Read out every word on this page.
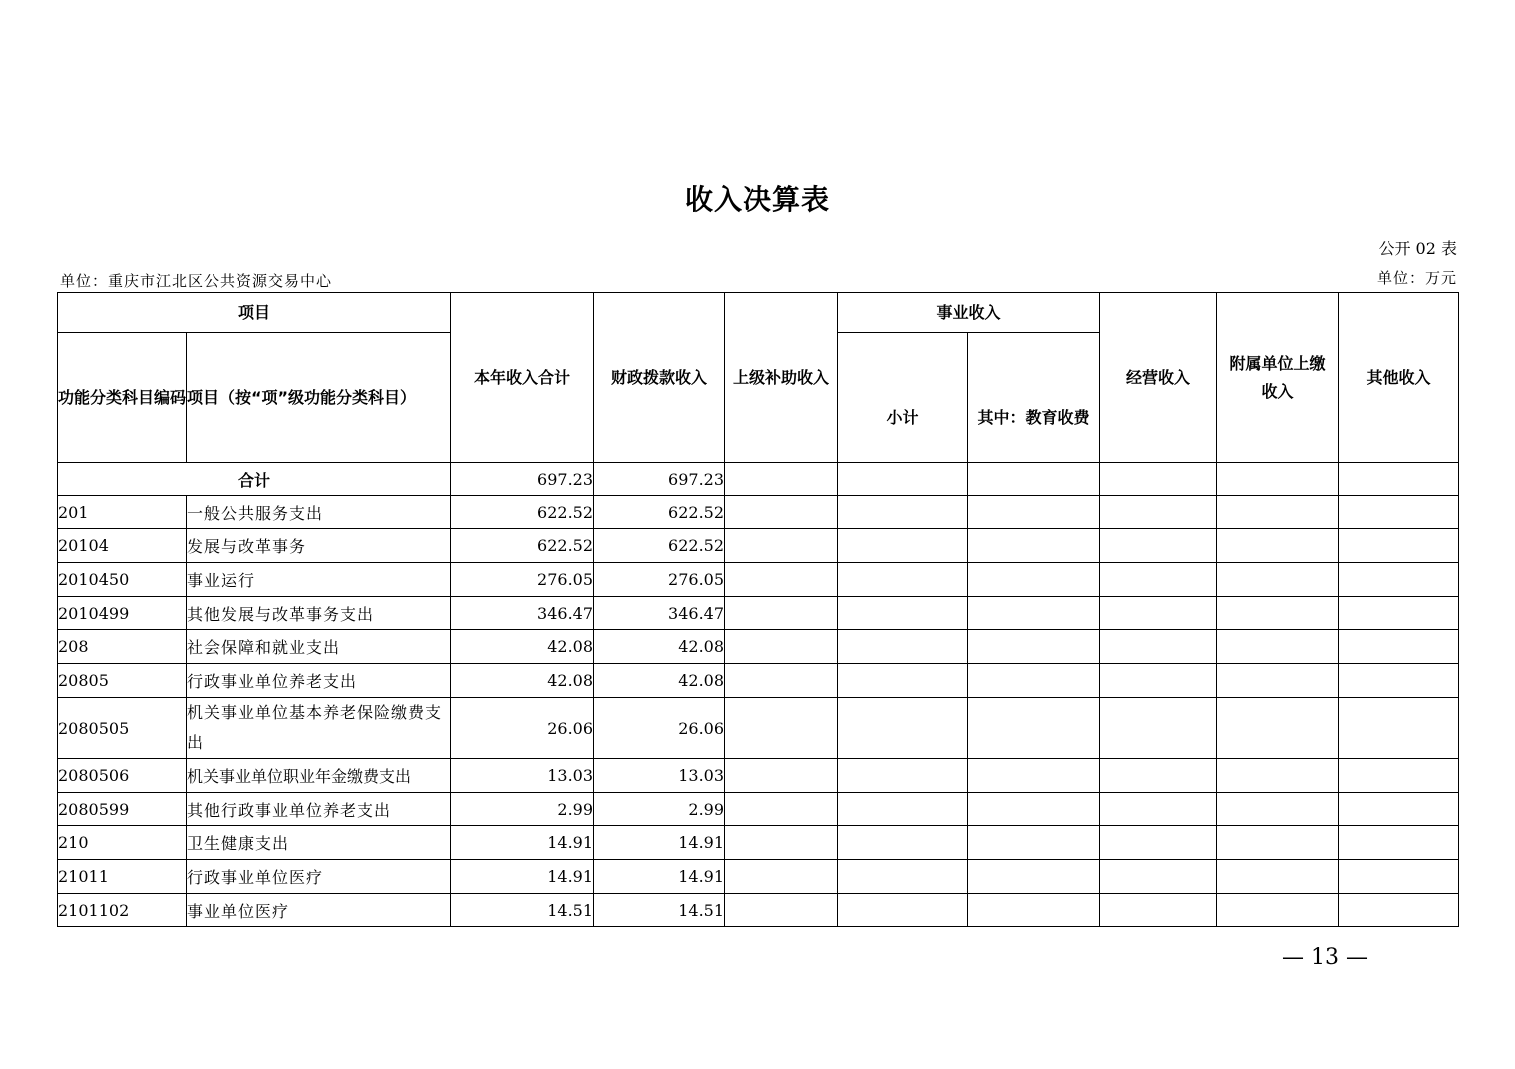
收入决算表
公开 02 表
单位：重庆市江北区公共资源交易中心	单位：万元
项目		本年收入合计	财政拨款收入	上级补助收入	事业收入		经营收入	附属单位上缴收入	其他收入
功能分类科目编码	项目（按“项”级功能分类科目）				小计	其中：教育收费			
合计		697.23	697.23						
201	一般公共服务支出	622.52	622.52						
20104	发展与改革事务	622.52	622.52						
2010450	事业运行	276.05	276.05						
2010499	其他发展与改革事务支出	346.47	346.47						
208	社会保障和就业支出	42.08	42.08						
20805	行政事业单位养老支出	42.08	42.08						
2080505	机关事业单位基本养老保险缴费支出	26.06	26.06						
2080506	机关事业单位职业年金缴费支出	13.03	13.03						
2080599	其他行政事业单位养老支出	2.99	2.99						
210	卫生健康支出	14.91	14.91						
21011	行政事业单位医疗	14.91	14.91						
2101102	事业单位医疗	14.51	14.51						
— 13 —
